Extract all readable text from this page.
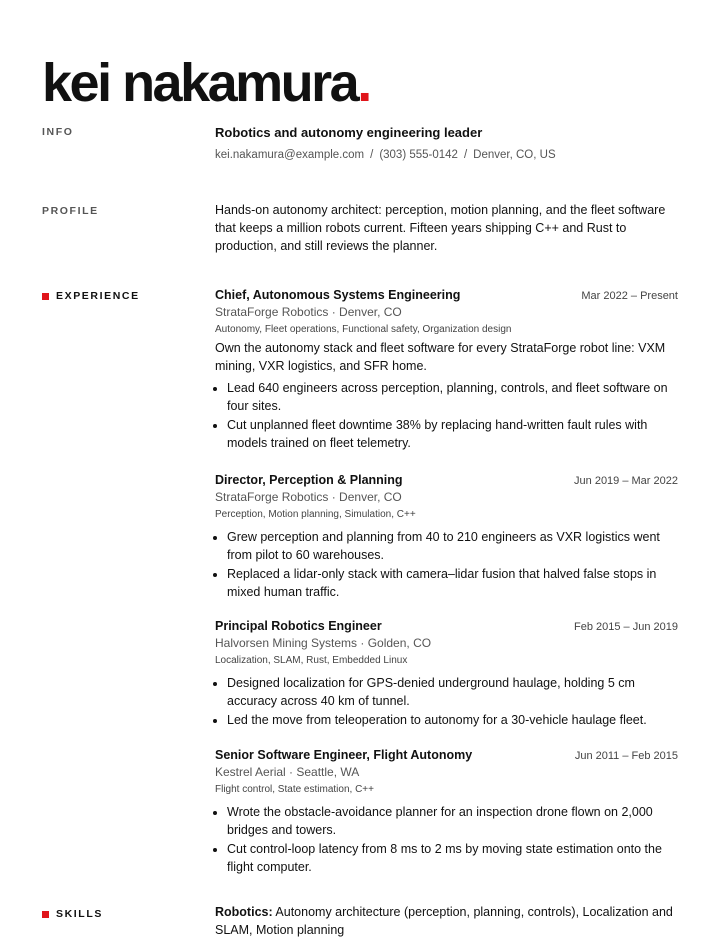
kei nakamura.
INFO	Robotics and autonomy engineering leader
kei.nakamura@example.com / (303) 555-0142 / Denver, CO, US
PROFILE	Hands-on autonomy architect: perception, motion planning, and the fleet software that keeps a million robots current. Fifteen years shipping C++ and Rust to production, and still reviews the planner.
EXPERIENCE	Chief, Autonomous Systems Engineering	Mar 2022 – Present
StrataForge Robotics · Denver, CO
Autonomy, Fleet operations, Functional safety, Organization design
Own the autonomy stack and fleet software for every StrataForge robot line: VXM mining, VXR logistics, and SFR home.
• Lead 640 engineers across perception, planning, controls, and fleet software on four sites.
• Cut unplanned fleet downtime 38% by replacing hand-written fault rules with models trained on fleet telemetry.
Director, Perception & Planning	Jun 2019 – Mar 2022
StrataForge Robotics · Denver, CO
Perception, Motion planning, Simulation, C++
• Grew perception and planning from 40 to 210 engineers as VXR logistics went from pilot to 60 warehouses.
• Replaced a lidar-only stack with camera–lidar fusion that halved false stops in mixed human traffic.
Principal Robotics Engineer	Feb 2015 – Jun 2019
Halvorsen Mining Systems · Golden, CO
Localization, SLAM, Rust, Embedded Linux
• Designed localization for GPS-denied underground haulage, holding 5 cm accuracy across 40 km of tunnel.
• Led the move from teleoperation to autonomy for a 30-vehicle haulage fleet.
Senior Software Engineer, Flight Autonomy	Jun 2011 – Feb 2015
Kestrel Aerial · Seattle, WA
Flight control, State estimation, C++
• Wrote the obstacle-avoidance planner for an inspection drone flown on 2,000 bridges and towers.
• Cut control-loop latency from 8 ms to 2 ms by moving state estimation onto the flight computer.
SKILLS	Robotics: Autonomy architecture (perception, planning, controls), Localization and SLAM, Motion planning
